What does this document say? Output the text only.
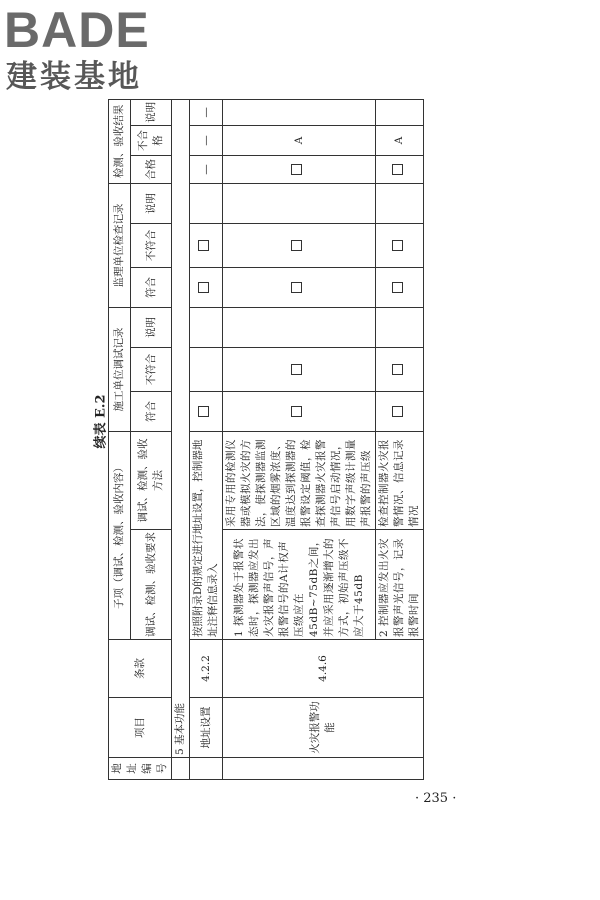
BADE
建装基地
地址编号	项目	条款	子项（调试、检测、验收内容）		施工单位调试记录			监理单位检查记录			检测、验收结果		
			调试、检测、验收要求	调试、检测、验收方法	符合	不符合	说明	符合	不符合	说明	合格	不合格	说明
	5 基本功能												
	地址设置	4.2.2	按照附录D的规定进行地址设置，控制器地址注释信息录入								—	—	—
	火灾报警功能	4.4.6	1 探测器处于报警状态时，探测器应发出火灾报警声信号，声报警信号的A计权声压级应在45dB~75dB之间，并应采用逐渐增大的方式，初始声压级不应大于45dB	采用专用的检测仪器或模拟火灾的方法，使探测器监测区域的烟雾浓度、温度达到探测器的报警设定阈值，检查探测器火灾报警声信号启动情况，用数字声级计测量声报警的声压级								A	
			2 控制器应发出火灾报警声光信号，记录报警时间	检查控制器火灾报警情况、信息记录情况								A	
续表 E.2
· 235 ·
